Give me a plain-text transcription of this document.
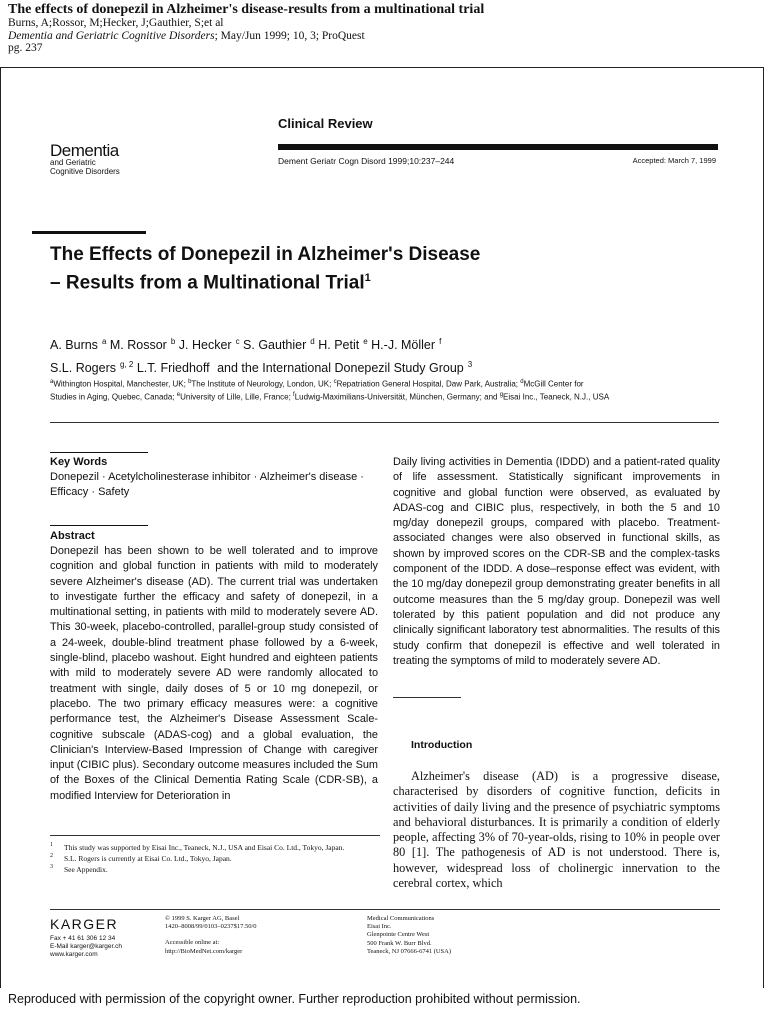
The effects of donepezil in Alzheimer's disease-results from a multinational trial
Burns, A;Rossor, M;Hecker, J;Gauthier, S;et al
Dementia and Geriatric Cognitive Disorders; May/Jun 1999; 10, 3; ProQuest
pg. 237
Dementia
and Geriatric
Cognitive Disorders
Clinical Review
Dement Geriatr Cogn Disord 1999;10:237–244	Accepted: March 7, 1999
The Effects of Donepezil in Alzheimer's Disease – Results from a Multinational Trial$^1$
A. Burns $^a$ M. Rossor $^b$ J. Hecker $^c$ S. Gauthier $^d$ H. Petit $^e$ H.-J. Möller $^f$
S.L. Rogers $^{g, 2}$ L.T. Friedhoff and the International Donepezil Study Group $^3$
$^a$Withington Hospital, Manchester, UK; $^b$The Institute of Neurology, London, UK; $^c$Repatriation General Hospital, Daw Park, Australia; $^d$McGill Center for Studies in Aging, Quebec, Canada; $^e$University of Lille, Lille, France; $^f$Ludwig-Maximilians-Universität, München, Germany; and $^g$Eisai Inc., Teaneck, N.J., USA
Key Words
Donepezil · Acetylcholinesterase inhibitor · Alzheimer's disease · Efficacy · Safety
Abstract
Donepezil has been shown to be well tolerated and to improve cognition and global function in patients with mild to moderately severe Alzheimer's disease (AD). The current trial was undertaken to investigate further the efficacy and safety of donepezil, in a multinational setting, in patients with mild to moderately severe AD. This 30-week, placebo-controlled, parallel-group study consisted of a 24-week, double-blind treatment phase followed by a 6-week, single-blind, placebo washout. Eight hundred and eighteen patients with mild to moderately severe AD were randomly allocated to treatment with single, daily doses of 5 or 10 mg donepezil, or placebo. The two primary efficacy measures were: a cognitive performance test, the Alzheimer's Disease Assessment Scale-cognitive subscale (ADAS-cog) and a global evaluation, the Clinician's Interview-Based Impression of Change with caregiver input (CIBIC plus). Secondary outcome measures included the Sum of the Boxes of the Clinical Dementia Rating Scale (CDR-SB), a modified Interview for Deterioration in
Daily living activities in Dementia (IDDD) and a patient-rated quality of life assessment. Statistically significant improvements in cognitive and global function were observed, as evaluated by ADAS-cog and CIBIC plus, respectively, in both the 5 and 10 mg/day donepezil groups, compared with placebo. Treatment-associated changes were also observed in functional skills, as shown by improved scores on the CDR-SB and the complex-tasks component of the IDDD. A dose–response effect was evident, with the 10 mg/day donepezil group demonstrating greater benefits in all outcome measures than the 5 mg/day group. Donepezil was well tolerated by this patient population and did not produce any clinically significant laboratory test abnormalities. The results of this study confirm that donepezil is effective and well tolerated in treating the symptoms of mild to moderately severe AD.
Introduction
Alzheimer's disease (AD) is a progressive disease, characterised by disorders of cognitive function, deficits in activities of daily living and the presence of psychiatric symptoms and behavioral disturbances. It is primarily a condition of elderly people, affecting 3% of 70-year-olds, rising to 10% in people over 80 [1]. The pathogenesis of AD is not understood. There is, however, widespread loss of cholinergic innervation to the cerebral cortex, which
1 This study was supported by Eisai Inc., Teaneck, N.J., USA and Eisai Co. Ltd., Tokyo, Japan.
2 S.L. Rogers is currently at Eisai Co. Ltd., Tokyo, Japan.
3 See Appendix.
KARGER
Fax + 41 61 306 12 34
E-Mail karger@karger.ch
www.karger.com
© 1999 S. Karger AG, Basel
1420–8008/99/0103–0237$17.50/0
Accessible online at:
http://BioMedNet.com/karger
Medical Communications
Eisai Inc.
Glenpointe Centre West
500 Frank W. Burr Blvd.
Teaneck, NJ 07666-6741 (USA)
Reproduced with permission of the copyright owner. Further reproduction prohibited without permission.
